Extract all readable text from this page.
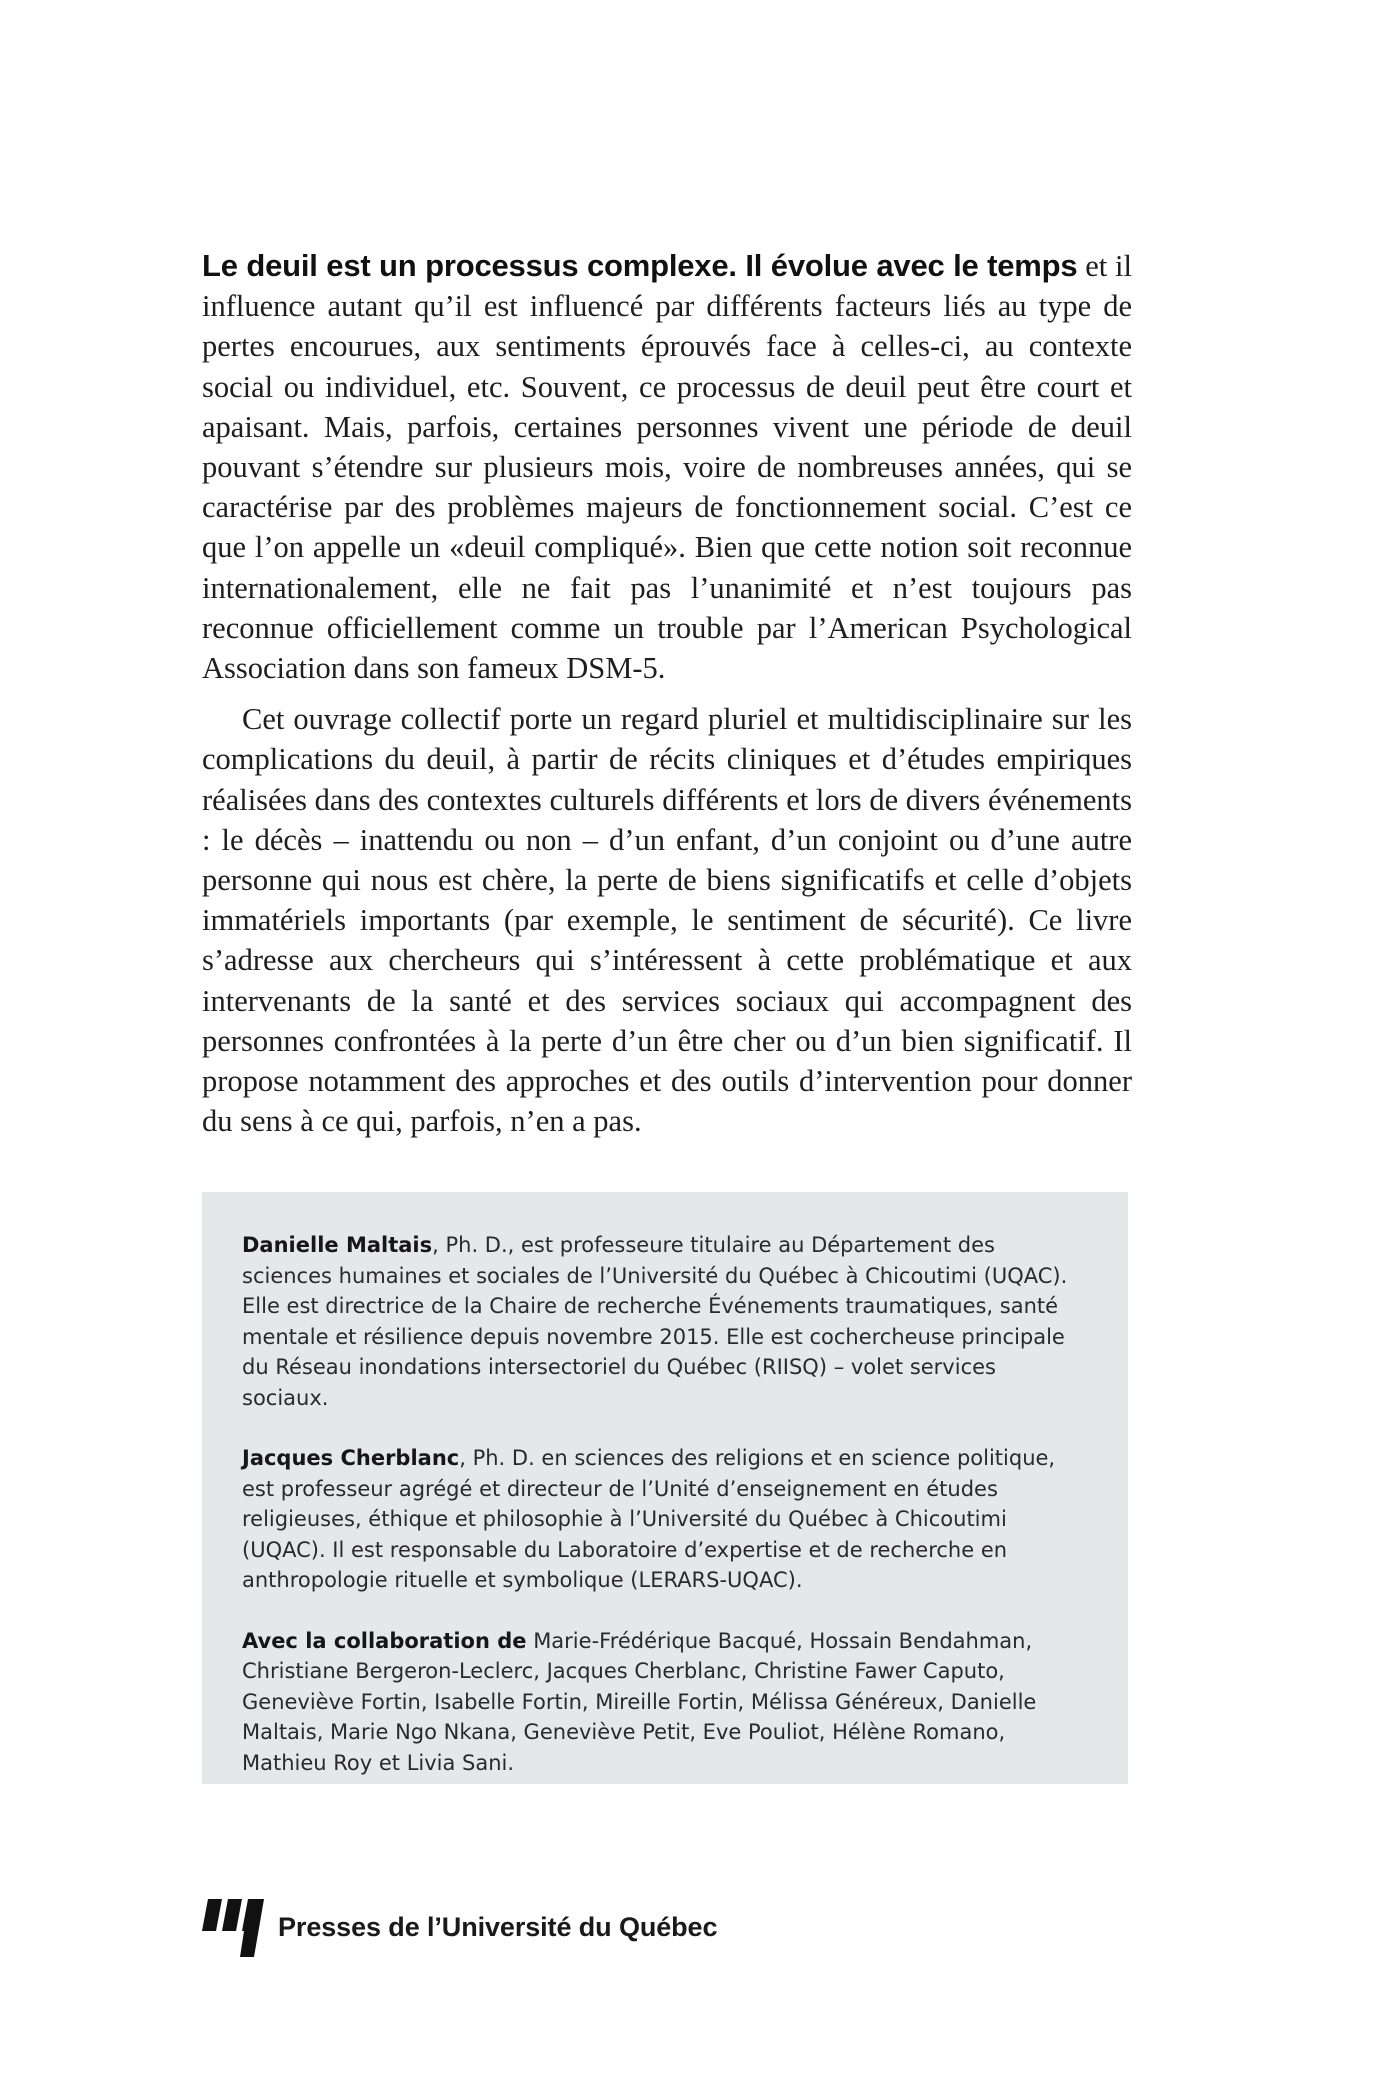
Le deuil est un processus complexe. Il évolue avec le temps et il influence autant qu’il est influencé par différents facteurs liés au type de pertes encourues, aux sentiments éprouvés face à celles-ci, au contexte social ou individuel, etc. Souvent, ce processus de deuil peut être court et apaisant. Mais, parfois, certaines personnes vivent une période de deuil pouvant s’étendre sur plusieurs mois, voire de nombreuses années, qui se caractérise par des problèmes majeurs de fonctionnement social. C’est ce que l’on appelle un «deuil compliqué». Bien que cette notion soit reconnue internationalement, elle ne fait pas l’unanimité et n’est toujours pas reconnue officiellement comme un trouble par l’American Psychological Association dans son fameux DSM-5.

Cet ouvrage collectif porte un regard pluriel et multidisciplinaire sur les complications du deuil, à partir de récits cliniques et d’études empiriques réalisées dans des contextes culturels différents et lors de divers événements : le décès – inattendu ou non – d’un enfant, d’un conjoint ou d’une autre personne qui nous est chère, la perte de biens significatifs et celle d’objets immatériels importants (par exemple, le sentiment de sécurité). Ce livre s’adresse aux chercheurs qui s’intéressent à cette problématique et aux intervenants de la santé et des services sociaux qui accompagnent des personnes confrontées à la perte d’un être cher ou d’un bien significatif. Il propose notamment des approches et des outils d’intervention pour donner du sens à ce qui, parfois, n’en a pas.

Danielle Maltais, Ph. D., est professeure titulaire au Département des sciences humaines et sociales de l’Université du Québec à Chicoutimi (UQAC). Elle est directrice de la Chaire de recherche Événements traumatiques, santé mentale et résilience depuis novembre 2015. Elle est cochercheuse principale du Réseau inondations intersectoriel du Québec (RIISQ) – volet services sociaux.

Jacques Cherblanc, Ph. D. en sciences des religions et en science politique, est professeur agrégé et directeur de l’Unité d’enseignement en études religieuses, éthique et philosophie à l’Université du Québec à Chicoutimi (UQAC). Il est responsable du Laboratoire d’expertise et de recherche en anthropologie rituelle et symbolique (LERARS-UQAC).

Avec la collaboration de Marie-Frédérique Bacqué, Hossain Bendahman, Christiane Bergeron-Leclerc, Jacques Cherblanc, Christine Fawer Caputo, Geneviève Fortin, Isabelle Fortin, Mireille Fortin, Mélissa Généreux, Danielle Maltais, Marie Ngo Nkana, Geneviève Petit, Eve Pouliot, Hélène Romano, Mathieu Roy et Livia Sani.

Presses de l’Université du Québec
